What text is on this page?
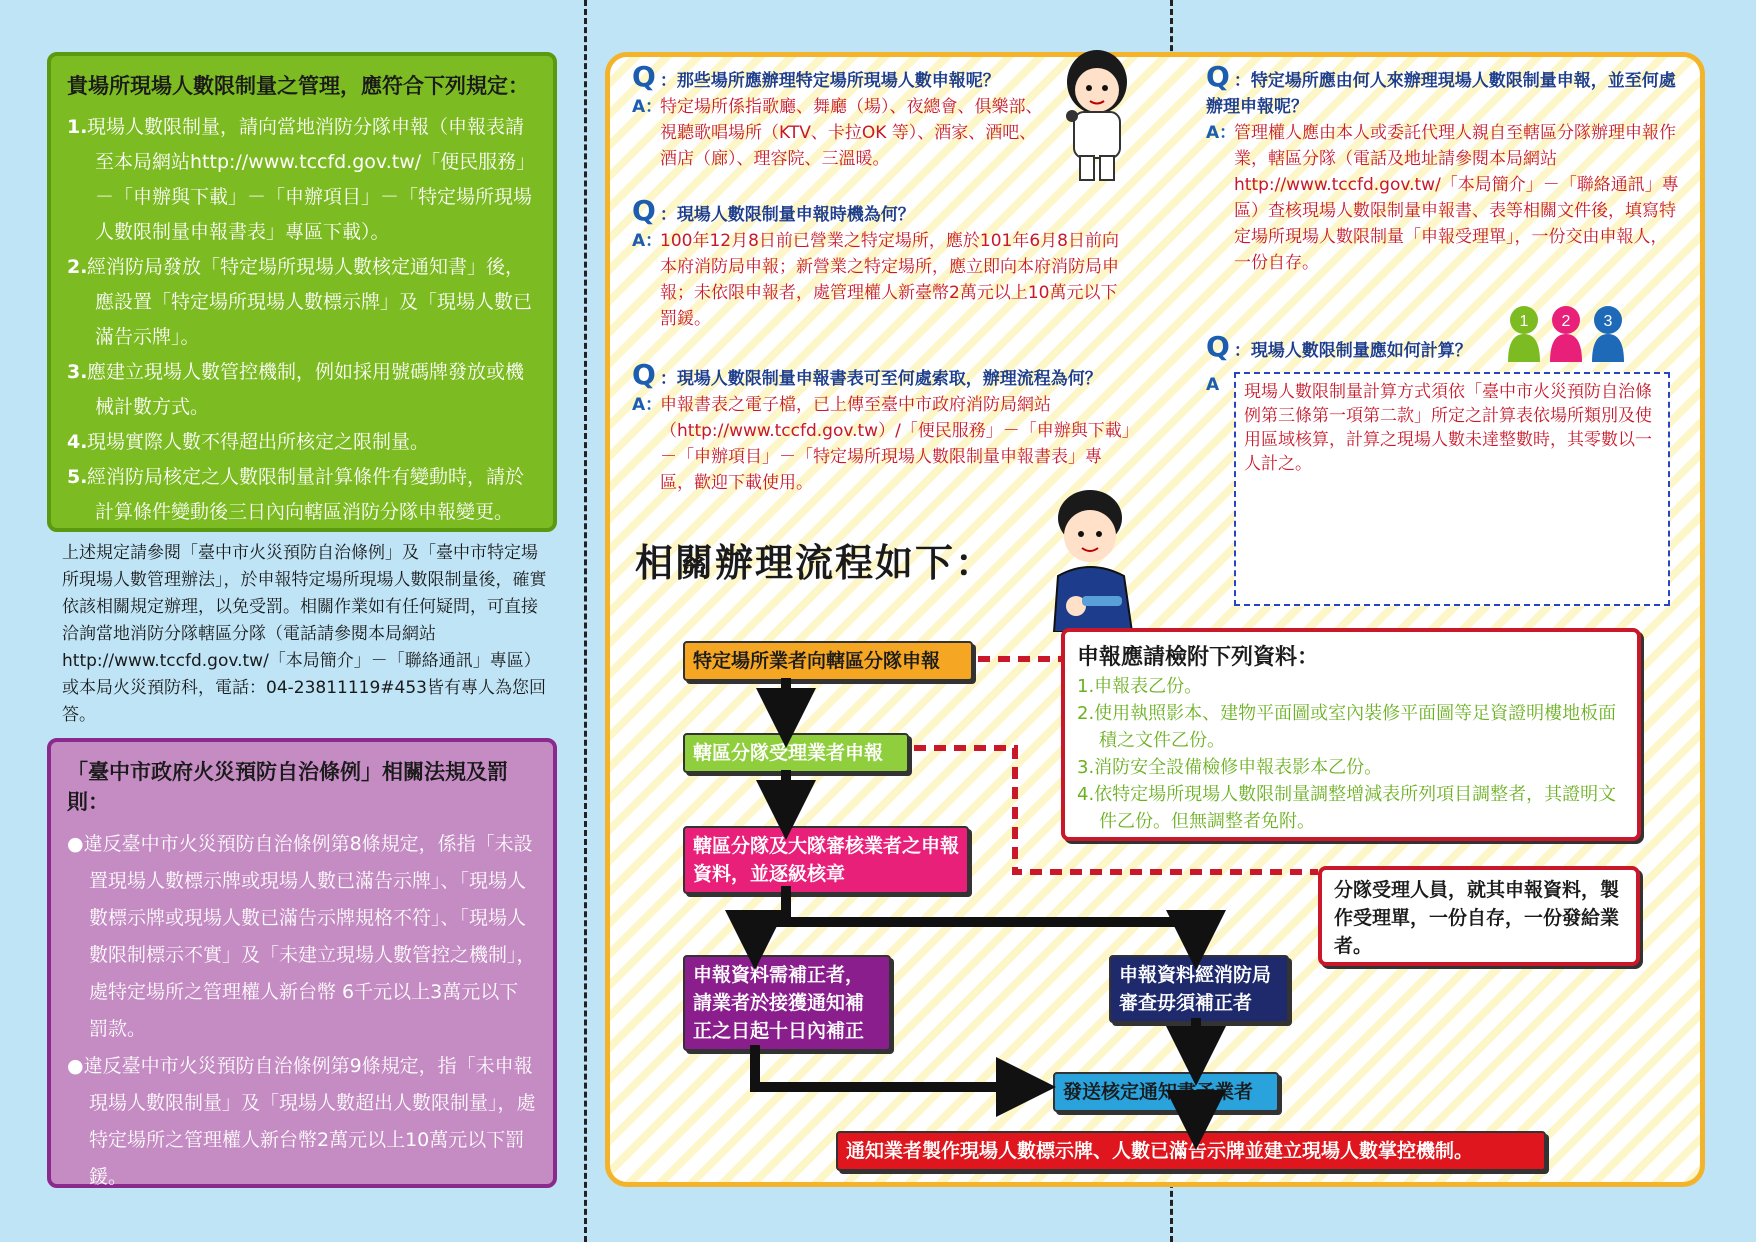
貴場所現場人數限制量之管理，應符合下列規定：
1.現場人數限制量，請向當地消防分隊申報（申報表請至本局網站http://www.tccfd.gov.tw/「便民服務」－「申辦與下載」－「申辦項目」－「特定場所現場人數限制量申報書表」專區下載）。
2.經消防局發放「特定場所現場人數核定通知書」後，應設置「特定場所現場人數標示牌」及「現場人數已滿告示牌」。
3.應建立現場人數管控機制，例如採用號碼牌發放或機械計數方式。
4.現場實際人數不得超出所核定之限制量。
5.經消防局核定之人數限制量計算條件有變動時，請於計算條件變動後三日內向轄區消防分隊申報變更。

上述規定請參閱「臺中市火災預防自治條例」及「臺中市特定場所現場人數管理辦法」，於申報特定場所現場人數限制量後，確實依該相關規定辦理，以免受罰。相關作業如有任何疑問，可直接洽詢當地消防分隊轄區分隊（電話請參閱本局網站http://www.tccfd.gov.tw/「本局簡介」－「聯絡通訊」專區）或本局火災預防科，電話：04-23811119#453皆有專人為您回答。

「臺中市政府火災預防自治條例」相關法規及罰則：

●違反臺中市火災預防自治條例第8條規定，係指「未設置現場人數標示牌或現場人數已滿告示牌」、「現場人數標示牌或現場人數已滿告示牌規格不符」、「現場人數限制標示不實」及「未建立現場人數管控之機制」，處特定場所之管理權人新台幣 6千元以上3萬元以下罰款。

●違反臺中市火災預防自治條例第9條規定，指「未申報現場人數限制量」及「現場人數超出人數限制量」，處特定場所之管理權人新台幣2萬元以上10萬元以下罰鍰。

Q ：那些場所應辦理特定場所現場人數申報呢？
A：特定場所係指歌廳、舞廳（場）、夜總會、俱樂部、視聽歌唱場所（KTV、卡拉OK 等）、酒家、酒吧、酒店（廊）、理容院、三溫暖。
Q ：現場人數限制量申報時機為何？
A：100年12月8日前已營業之特定場所，應於101年6月8日前向本府消防局申報；新營業之特定場所，應立即向本府消防局申報；未依限申報者，處管理權人新臺幣2萬元以上10萬元以下罰鍰。
Q ：現場人數限制量申報書表可至何處索取，辦理流程為何？
A：申報書表之電子檔，已上傳至臺中市政府消防局網站（http://www.tccfd.gov.tw）/「便民服務」－「申辦與下載」－「申辦項目」－「特定場所現場人數限制量申報書表」專區，歡迎下載使用。
Q ：特定場所應由何人來辦理現場人數限制量申報，並至何處辦理申報呢？
A：管理權人應由本人或委託代理人親自至轄區分隊辦理申報作業，轄區分隊（電話及地址請參閱本局網站http://www.tccfd.gov.tw/「本局簡介」－「聯絡通訊」專區）查核現場人數限制量申報書、表等相關文件後，填寫特定場所現場人數限制量「申報受理單」，一份交由申報人，一份自存。
1 2 3
Q ：現場人數限制量應如何計算？
A	現場人數限制量計算方式須依「臺中市火災預防自治條例第三條第一項第二款」所定之計算表依場所類別及使用區域核算，計算之現場人數未達整數時，其零數以一人計之。
相關辦理流程如下：
特定場所業者向轄區分隊申報
轄區分隊受理業者申報
轄區分隊及大隊審核業者之申報資料，並逐級核章
申報資料需補正者，請業者於接獲通知補正之日起十日內補正
申報資料經消防局審查毋須補正者
發送核定通知書予業者
通知業者製作現場人數標示牌、人數已滿告示牌並建立現場人數掌控機制。
申報應請檢附下列資料：

1.申報表乙份。

2.使用執照影本、建物平面圖或室內裝修平面圖等足資證明樓地板面積之文件乙份。

3.消防安全設備檢修申報表影本乙份。

4.依特定場所現場人數限制量調整增減表所列項目調整者，其證明文件乙份。但無調整者免附。

分隊受理人員，就其申報資料，製作受理單，一份自存，一份發給業者。
